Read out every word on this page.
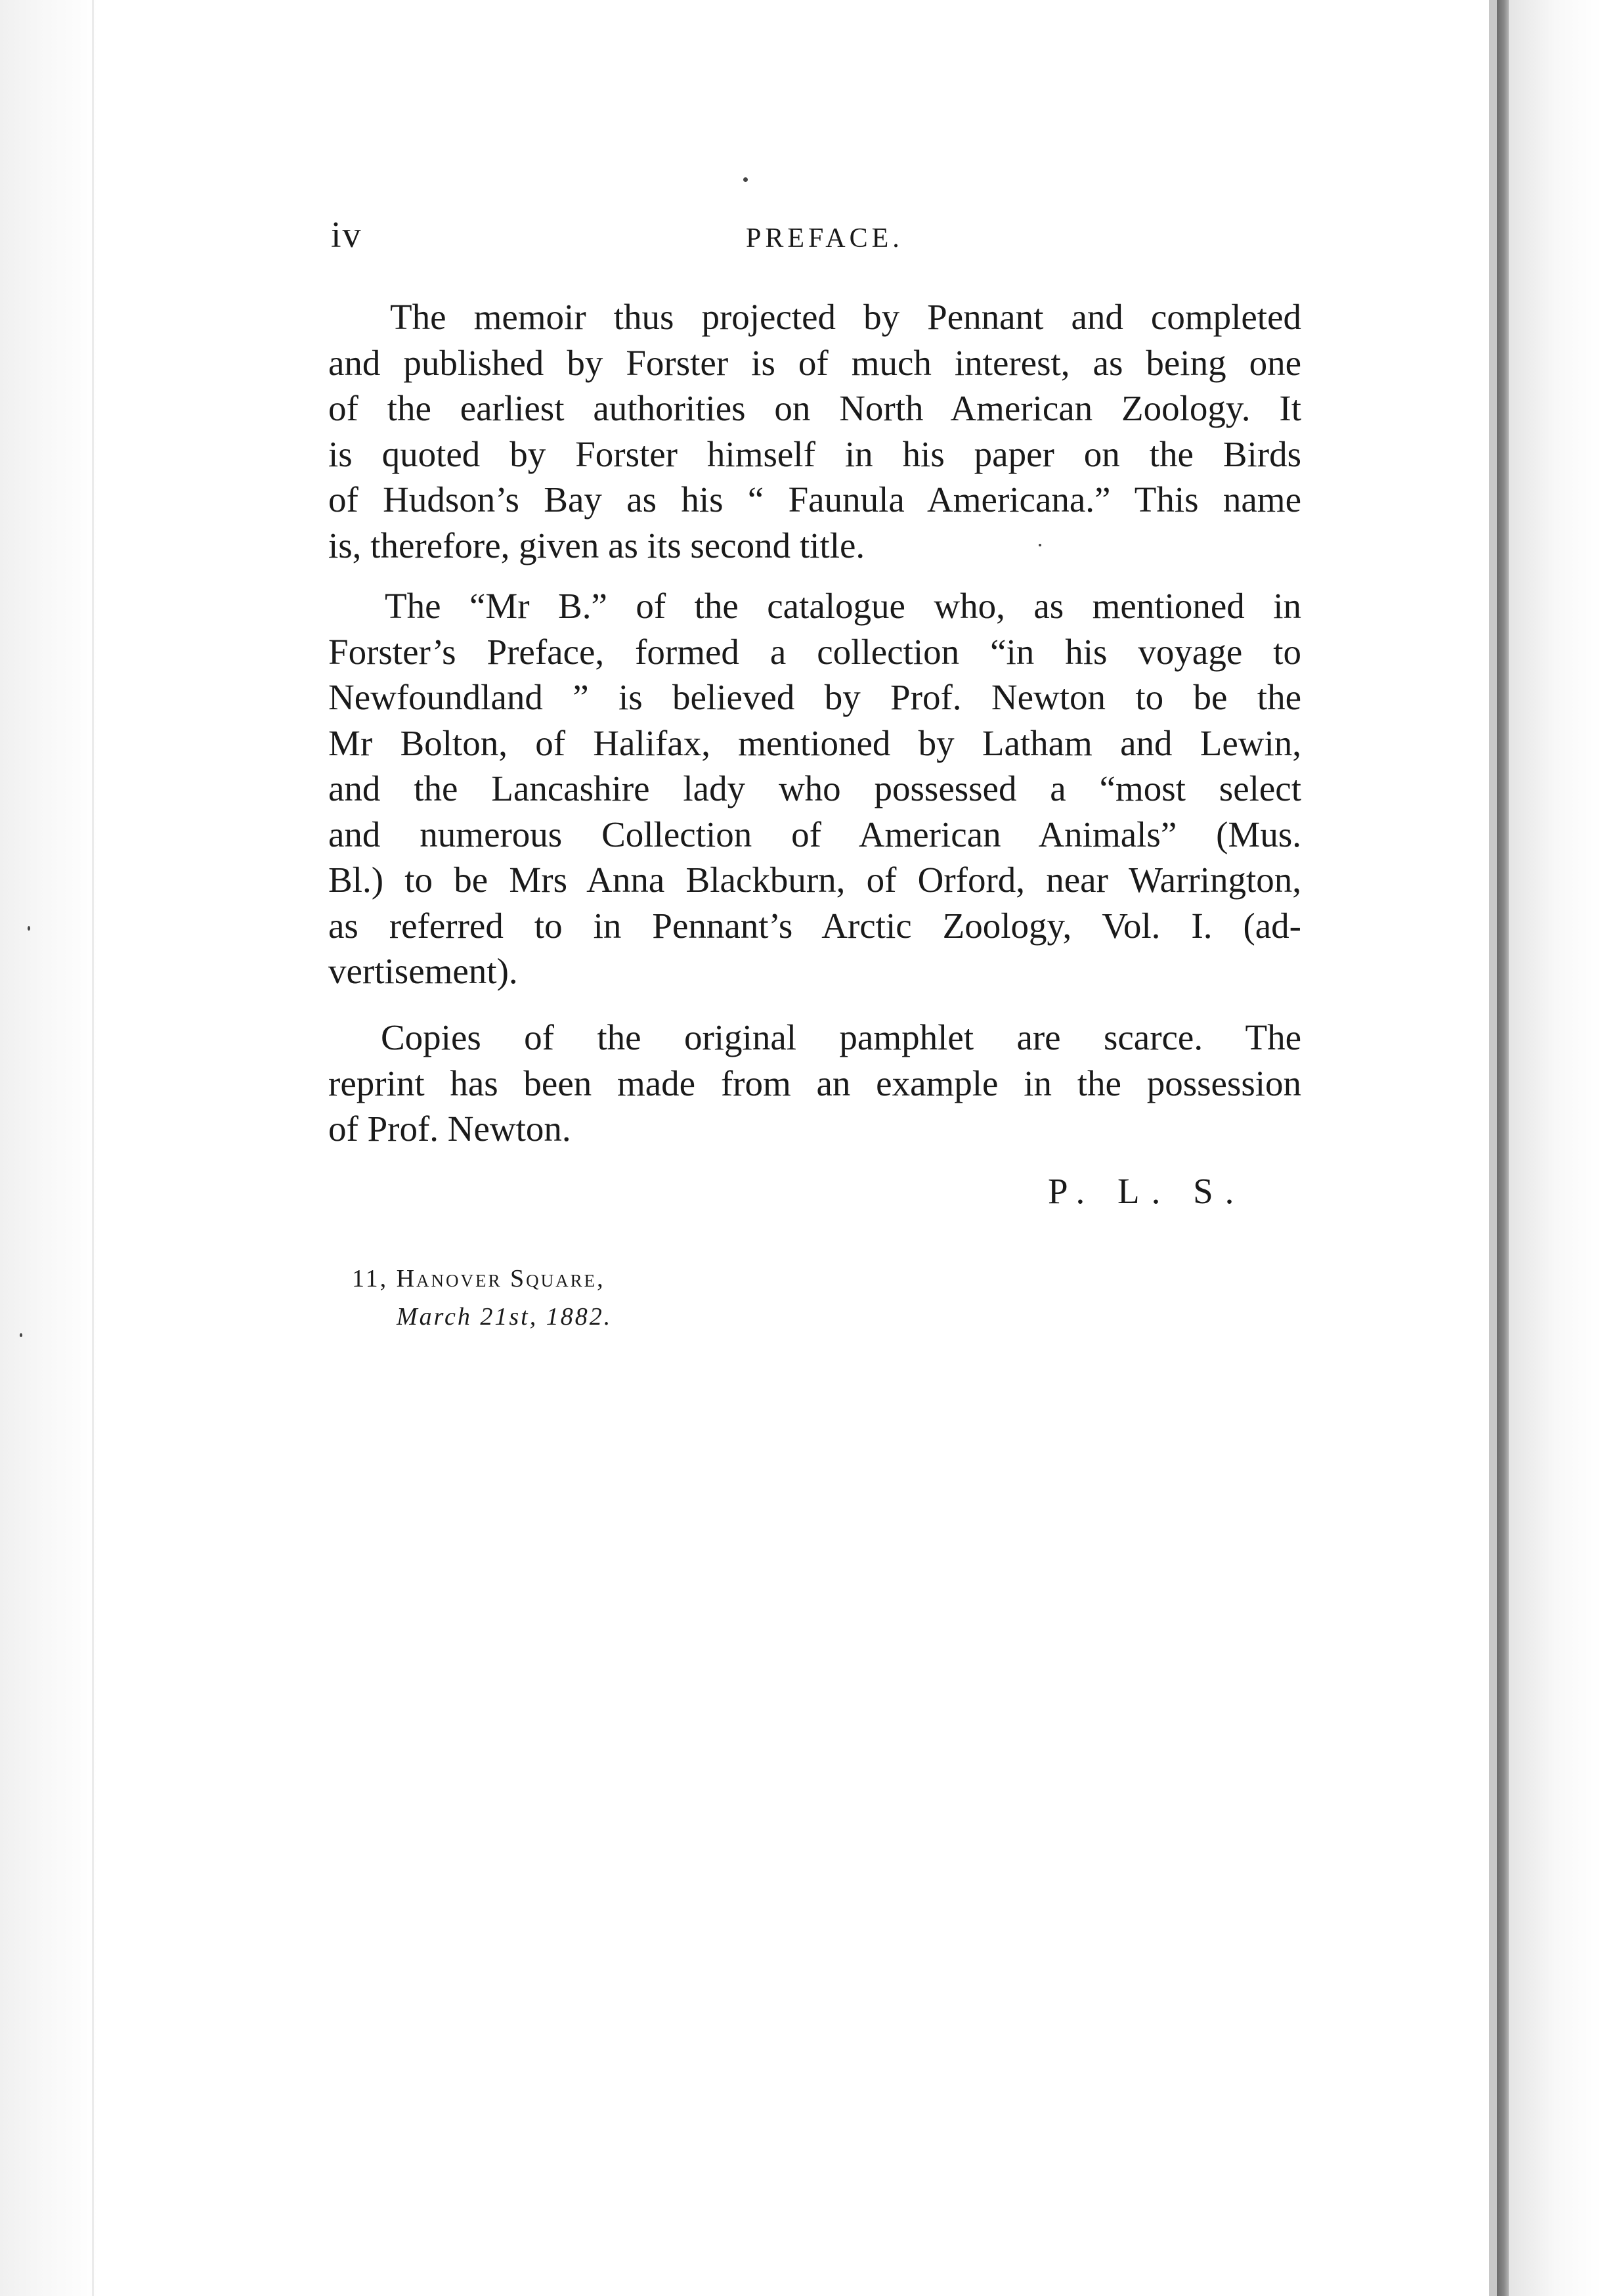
iv	PREFACE.
The memoir thus projected by Pennant and completed
and published by Forster is of much interest, as being one
of the earliest authorities on North American Zoology. It
is quoted by Forster himself in his paper on the Birds
of Hudson’s Bay as his “ Faunula Americana.” This name
is, therefore, given as its second title.
The “Mr B.” of the catalogue who, as mentioned in
Forster’s Preface, formed a collection “in his voyage to
Newfoundland ” is believed by Prof. Newton to be the
Mr Bolton, of Halifax, mentioned by Latham and Lewin,
and the Lancashire lady who possessed a “most select
and numerous Collection of American Animals” (Mus.
Bl.) to be Mrs Anna Blackburn, of Orford, near Warrington,
as referred to in Pennant’s Arctic Zoology, Vol. I. (ad-
vertisement).
Copies of the original pamphlet are scarce. The
reprint has been made from an example in the possession
of Prof. Newton.
P. L. S.
11, Hanover Square,
March 21st, 1882.
